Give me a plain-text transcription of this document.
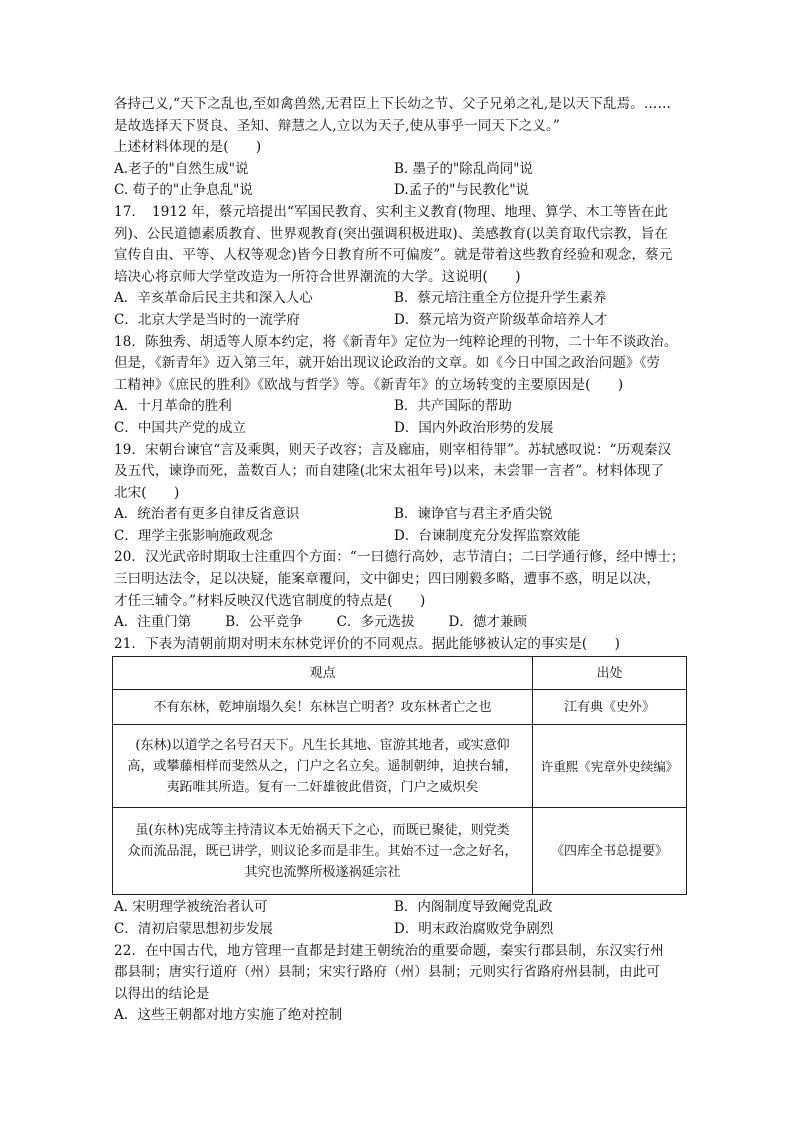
各持己义,“天下之乱也,至如禽兽然,无君臣上下长幼之节、父子兄弟之礼,是以天下乱焉。……
是故选择天下贤良、圣知、辩慧之人,立以为天子,使从事乎一同天下之义。”
上述材料体现的是(　　)
A.老子的"自然生成"说	B. 墨子的"除乱尚同"说
C. 荀子的"止争息乱"说	D.孟子的"与民教化"说
17．　1912 年，蔡元培提出“军国民教育、实利主义教育(物理、地理、算学、木工等皆在此
列)、公民道德素质教育、世界观教育(突出强调积极进取)、美感教育(以美育取代宗教，旨在
宣传自由、平等、人权等观念)皆今日教育所不可偏废”。就是带着这些教育经验和观念，蔡元
培决心将京师大学堂改造为一所符合世界潮流的大学。这说明(　　)
A．辛亥革命后民主共和深入人心	B．蔡元培注重全方位提升学生素养
C．北京大学是当时的一流学府	D．蔡元培为资产阶级革命培养人才
18．陈独秀、胡适等人原本约定，将《新青年》定位为一纯粹论理的刊物，二十年不谈政治。
但是，《新青年》迈入第三年，就开始出现议论政治的文章。如《今日中国之政治问题》《劳
工精神》《庶民的胜利》《欧战与哲学》等。《新青年》的立场转变的主要原因是(　　)
A．十月革命的胜利	B．共产国际的帮助
C．中国共产党的成立	D．国内外政治形势的发展
19．宋朝台谏官“言及乘舆，则天子改容；言及廊庙，则宰相待罪”。苏轼感叹说：“历观秦汉
及五代，谏诤而死，盖数百人；而自建隆(北宋太祖年号)以来，未尝罪一言者”。材料体现了
北宋(　　)
A．统治者有更多自律反省意识	B．谏诤官与君主矛盾尖锐
C．理学主张影响施政观念	D．台谏制度充分发挥监察效能
20．汉光武帝时期取士注重四个方面：“一曰德行高妙，志节清白；二曰学通行修，经中博士；
三曰明达法令，足以决疑，能案章覆问，文中御史；四曰刚毅多略，遭事不惑，明足以决，
才任三辅令。”材料反映汉代选官制度的特点是(　　)
A．注重门第	B．公平竞争	C．多元选拔	D．德才兼顾
21．下表为清朝前期对明末东林党评价的不同观点。据此能够被认定的事实是(　　)
观点	出处

不有东林，乾坤崩塌久矣！东林岂亡明者？攻东林者亡之也	江有典《史外》

(东林)以道学之名号召天下。凡生长其地、宦游其地者，或实意仰
高，或攀藤相样而斐然从之，门户之名立矣。遥制朝绅，迫挟台辅，
夷跖唯其所造。复有一二奸雄彼此借资，门户之威炽矣	许重熙《宪章外史续编》

虽(东林)宪成等主持清议本无始祸天下之心，而既已聚徒，则党类
众而流品混，既已讲学，则议论多而是非生。其始不过一念之好名，
其究也流弊所极遂祸延宗社	《四库全书总提要》
A. 宋明理学被统治者认可	B．内阁制度导致阉党乱政
C．清初启蒙思想初步发展	D．明末政治腐败党争剧烈
22．在中国古代，地方管理一直都是封建王朝统治的重要命题，秦实行郡县制，东汉实行州
郡县制；唐实行道府（州）县制；宋实行路府（州）县制；元则实行省路府州县制，由此可
以得出的结论是
A．这些王朝都对地方实施了绝对控制
